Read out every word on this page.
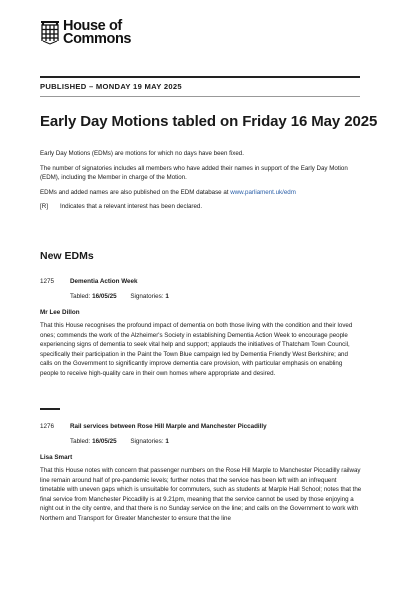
House of
Commons
PUBLISHED – MONDAY 19 MAY 2025
Early Day Motions tabled on Friday 16 May 2025

Early Day Motions (EDMs) are motions for which no days have been fixed.

The number of signatories includes all members who have added their names in support of the Early Day Motion (EDM), including the Member in charge of the Motion.

EDMs and added names are also published on the EDM database at www.parliament.uk/edm

[R]	Indicates that a relevant interest has been declared.
New EDMs
1275	Dementia Action Week
Tabled: 16/05/25 Signatories: 1
Mr Lee Dillon
That this House recognises the profound impact of dementia on both those living with the condition and their loved ones; commends the work of the Alzheimer's Society in establishing Dementia Action Week to encourage people experiencing signs of dementia to seek vital help and support; applauds the initiatives of Thatcham Town Council, specifically their participation in the Paint the Town Blue campaign led by Dementia Friendly West Berkshire; and calls on the Government to significantly improve dementia care provision, with particular emphasis on enabling people to receive high-quality care in their own homes where appropriate and desired.
1276	Rail services between Rose Hill Marple and Manchester Piccadilly
Tabled: 16/05/25 Signatories: 1
Lisa Smart
That this House notes with concern that passenger numbers on the Rose Hill Marple to Manchester Piccadilly railway line remain around half of pre-pandemic levels; further notes that the service has been left with an infrequent timetable with uneven gaps which is unsuitable for commuters, such as students at Marple Hall School; notes that the final service from Manchester Piccadilly is at 9.21pm, meaning that the service cannot be used by those enjoying a night out in the city centre, and that there is no Sunday service on the line; and calls on the Government to work with Northern and Transport for Greater Manchester to ensure that the line
